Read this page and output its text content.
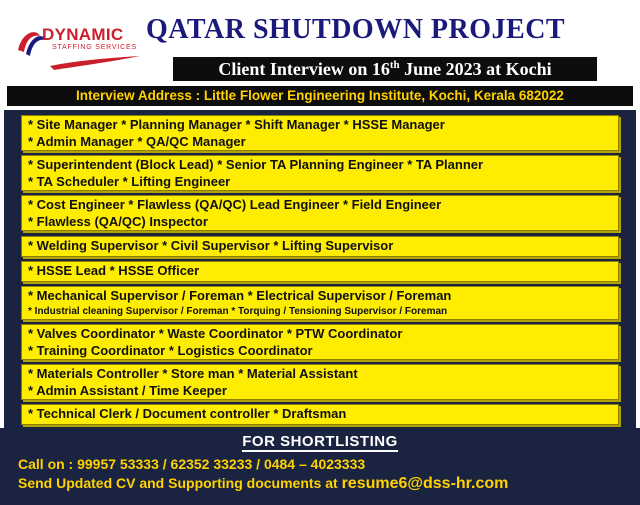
DYNAMIC
STAFFING SERVICES
QATAR SHUTDOWN PROJECT
Client Interview on 16th June 2023 at Kochi
Interview Address : Little Flower Engineering Institute, Kochi, Kerala 682022
* Site Manager * Planning Manager * Shift Manager * HSSE Manager
* Admin Manager * QA/QC Manager
* Superintendent (Block Lead) * Senior TA Planning Engineer * TA Planner
* TA Scheduler * Lifting Engineer
* Cost Engineer * Flawless (QA/QC) Lead Engineer * Field Engineer
* Flawless (QA/QC) Inspector
* Welding Supervisor * Civil Supervisor * Lifting Supervisor
* HSSE Lead * HSSE Officer
* Mechanical Supervisor / Foreman * Electrical Supervisor / Foreman
* Industrial cleaning Supervisor / Foreman * Torquing / Tensioning Supervisor / Foreman
* Valves Coordinator * Waste Coordinator * PTW Coordinator
* Training Coordinator * Logistics Coordinator
* Materials Controller * Store man * Material Assistant
* Admin Assistant / Time Keeper
* Technical Clerk / Document controller * Draftsman
FOR SHORTLISTING
Call on : 99957 53333 / 62352 33233 / 0484 – 4023333
Send Updated CV and Supporting documents at resume6@dss-hr.com
